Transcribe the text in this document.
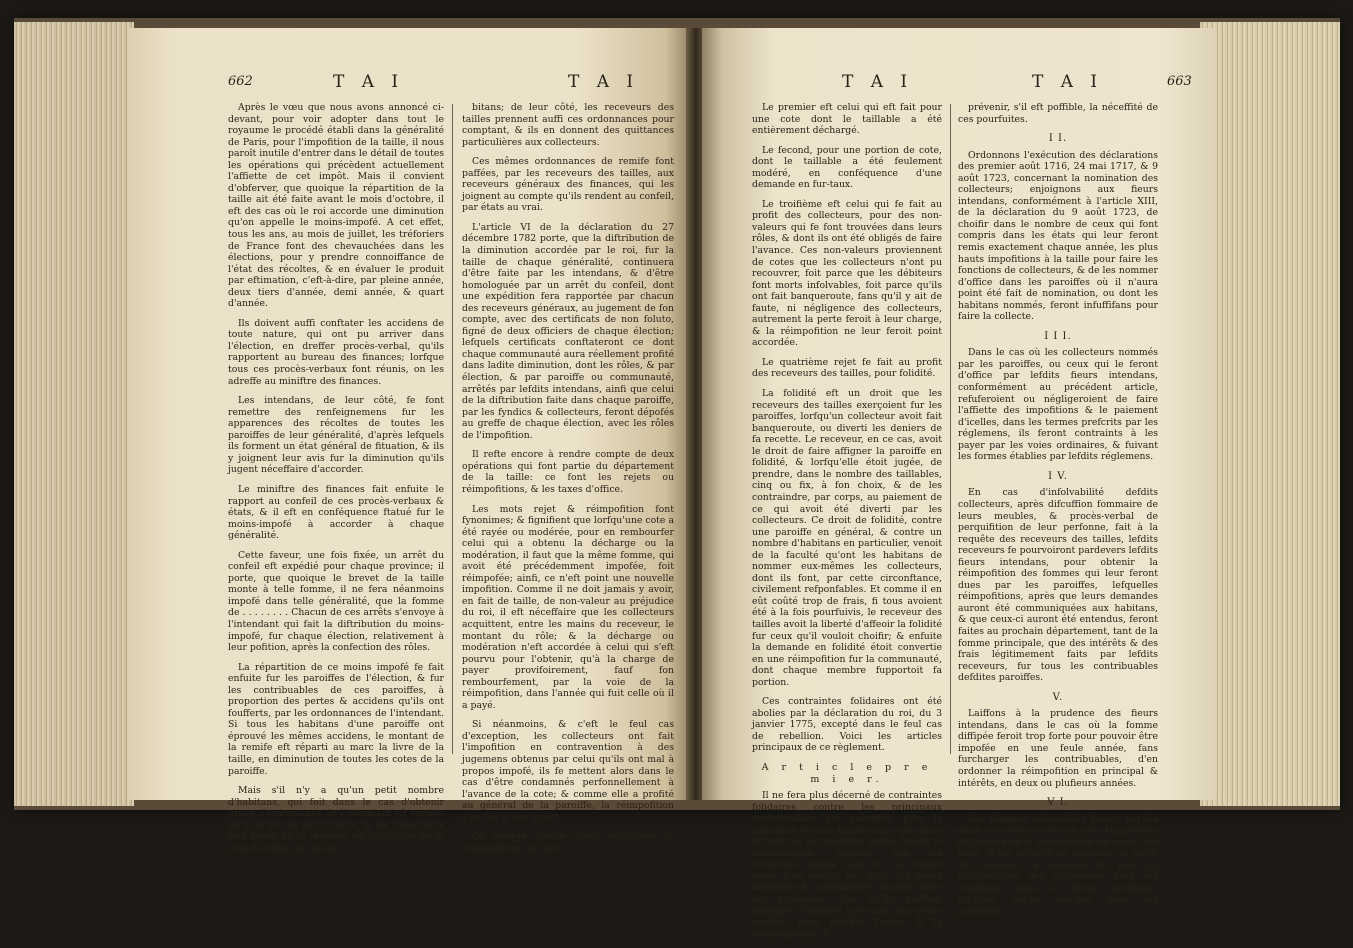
662	T A I	T A I

Après le vœu que nous avons annoncé ci-devant, pour voir adopter dans tout le royaume le procédé établi dans la généralité de Paris, pour l'impofition de la taille, il nous paroît inutile d'entrer dans le détail de toutes les opérations qui précèdent actuellement l'affiette de cet impôt. Mais il convient d'obferver, que quoique la répartition de la taille ait été faite avant le mois d'octobre, il eft des cas où le roi accorde une diminution qu'on appelle le moins-impofé. A cet effet, tous les ans, au mois de juillet, les tréforiers de France font des chevauchées dans les élections, pour y prendre connoiffance de l'état des récoltes, & en évaluer le produit par eftimation, c'eft-à-dire, par pleine année, deux tiers d'année, demi année, & quart d'année.

Ils doivent auffi conftater les accidens de toute nature, qui ont pu arriver dans l'élection, en dreffer procès-verbal, qu'ils rapportent au bureau des finances; lorfque tous ces procès-verbaux font réunis, on les adreffe au miniftre des finances.

Les intendans, de leur côté, fe font remettre des renfeignemens fur les apparences des récoltes de toutes les paroiffes de leur généralité, d'après lefquels ils forment un état général de fituation, & ils y joignent leur avis fur la diminution qu'ils jugent néceffaire d'accorder.

Le miniftre des finances fait enfuite le rapport au confeil de ces procès-verbaux & états, & il eft en conféquence ftatué fur le moins-impofé à accorder à chaque généralité.

Cette faveur, une fois fixée, un arrêt du confeil eft expédié pour chaque province; il porte, que quoique le brevet de la taille monte à telle fomme, il ne fera néanmoins impofé dans telle généralité, que la fomme de . . . . . . . . Chacun de ces arrêts s'envoye à l'intendant qui fait la diftribution du moins-impofé, fur chaque élection, relativement à leur pofition, après la confection des rôles.

La répartition de ce moins impofé fe fait enfuite fur les paroiffes de l'élection, & fur les contribuables de ces paroiffes, à proportion des pertes & accidens qu'ils ont foufferts, par les ordonnances de l'intendant. Si tous les habitans d'une paroiffe ont éprouvé les mêmes accidens, le montant de la remife eft réparti au marc la livre de la taille, en diminution de toutes les cotes de la paroiffe.

Mais s'il n'y a qu'un petit nombre d'habitans, qui foit dans le cas d'obtenir grace, l'ordonnance de l'intendant eft rendue au nom de ces particuliers, & les collecteurs font tenus de la recevoir en déduction de la cote de taille de ces ha-

bitans; de leur côté, les receveurs des tailles prennent auffi ces ordonnances pour comptant, & ils en donnent des quittances particulières aux collecteurs.

Ces mêmes ordonnances de remife font paffées, par les receveurs des tailles, aux receveurs généraux des finances, qui les joignent au compte qu'ils rendent au confeil, par états au vrai.

L'article VI de la déclaration du 27 décembre 1782 porte, que la diftribution de la diminution accordée par le roi, fur la taille de chaque généralité, continuera d'être faite par les intendans, & d'être homologuée par un arrêt du confeil, dont une expédition fera rapportée par chacun des receveurs généraux, au jugement de fon compte, avec des certificats de non foluto, figné de deux officiers de chaque élection; lefquels certificats conftateront ce dont chaque communauté aura réellement profité dans ladite diminution, dont les rôles, & par élection, & par paroiffe ou communauté, arrêtés par lefdits intendans, ainfi que celui de la diftribution faite dans chaque paroiffe, par les fyndics & collecteurs, feront dépofés au greffe de chaque élection, avec les rôles de l'impofition.

Il refte encore à rendre compte de deux opérations qui font partie du département de la taille: ce font les rejets ou réimpofitions, & les taxes d'office.

Les mots rejet & réimpofition font fynonimes; & fignifient que lorfqu'une cote a été rayée ou modérée, pour en rembourfer celui qui a obtenu la décharge ou la modération, il faut que la même fomme, qui avoit été précédemment impofée, foit réimpofée; ainfi, ce n'eft point une nouvelle impofition. Comme il ne doit jamais y avoir, en fait de taille, de non-valeur au préjudice du roi, il eft néceffaire que les collecteurs acquittent, entre les mains du receveur, le montant du rôle; & la décharge ou modération n'eft accordée à celui qui s'eft pourvu pour l'obtenir, qu'à la charge de payer provifoirement, fauf fon rembourfement, par la voie de la réimpofition, dans l'année qui fuit celle où il a payé.

Si néanmoins, & c'eft le feul cas d'exception, les collecteurs ont fait l'impofition en contravention à des jugemens obtenus par celui qu'ils ont mal à propos impofé, ils fe mettent alors dans le cas d'être condamnés perfonnellement à l'avance de la cote; & comme elle a profité au général de la paroiffe, la réimpofition s'en fait à leur profit.

On compte quatre objets ordinaires de réimpofition, ou rejet.

T A I	T A I	663

Le premier eft celui qui eft fait pour une cote dont le taillable a été entièrement déchargé.

Le fecond, pour une portion de cote, dont le taillable a été feulement modéré, en conféquence d'une demande en fur-taux.

Le troifième eft celui qui fe fait au profit des collecteurs, pour des non-valeurs qui fe font trouvées dans leurs rôles, & dont ils ont été obligés de faire l'avance. Ces non-valeurs proviennent de cotes que les collecteurs n'ont pu recouvrer, foit parce que les débiteurs font morts infolvables, foit parce qu'ils ont fait banqueroute, fans qu'il y ait de faute, ni négligence des collecteurs, autrement la perte feroit à leur charge, & la réimpofition ne leur feroit point accordée.

Le quatrième rejet fe fait au profit des receveurs des tailles, pour folidité.

La folidité eft un droit que les receveurs des tailles exerçoient fur les paroiffes, lorfqu'un collecteur avoit fait banqueroute, ou diverti les deniers de fa recette. Le receveur, en ce cas, avoit le droit de faire affigner la paroiffe en folidité, & lorfqu'elle étoit jugée, de prendre, dans le nombre des taillables, cinq ou fix, à fon choix, & de les contraindre, par corps, au paiement de ce qui avoit été diverti par les collecteurs. Ce droit de folidité, contre une paroiffe en général, & contre un nombre d'habitans en particulier, venoit de la faculté qu'ont les habitans de nommer eux-mêmes les collecteurs, dont ils font, par cette circonftance, civilement refponfables. Et comme il en eût coûté trop de frais, fi tous avoient été à la fois pourfuivis, le receveur des tailles avoit la liberté d'affeoir la folidité fur ceux qu'il vouloit choifir; & enfuite la demande en folidité étoit convertie en une réimpofition fur la communauté, dont chaque membre fupportoit fa portion.

Ces contraintes folidaires ont été abolies par la déclaration du roi, du 3 janvier 1775, excepté dans le feul cas de rebellion. Voici les articles principaux de ce règlement.

A r t i c l e p r e m i e r.

Il ne fera plus décerné de contraintes folidaires contre les principaux contribuables des paroiffes, pour le paiement de nos impofitions, que dans le feul cas de rebellion, jugée contre la communauté; voulons que les receveurs, même dans ce cas, foient tenus d'en avertir par écrit, les fieurs intendans & commiffaires départis dans les provinces, afin qu'ils puiffent employer l'autorité que nous leur avons confiée, pour rétablir l'ordre & la fubordination, &

prévenir, s'il eft poffible, la néceffité de ces pourfuites.

I I.

Ordonnons l'exécution des déclarations des premier août 1716, 24 mai 1717, & 9 août 1723, concernant la nomination des collecteurs; enjoignons aux fieurs intendans, conformément à l'article XIII, de la déclaration du 9 août 1723, de choifir dans le nombre de ceux qui font compris dans les états qui leur feront remis exactement chaque année, les plus hauts impofitions à la taille pour faire les fonctions de collecteurs, & de les nommer d'office dans les paroiffes où il n'aura point été fait de nomination, ou dont les habitans nommés, feront infuffifans pour faire la collecte.

I I I.

Dans le cas où les collecteurs nommés par les paroiffes, ou ceux qui le feront d'office par lefdits fieurs intendans, conformément au précédent article, refuferoient ou négligeroient de faire l'affiette des impofitions & le paiement d'icelles, dans les termes prefcrits par les réglemens, ils feront contraints à les payer par les voies ordinaires, & fuivant les formes établies par lefdits réglemens.

I V.

En cas d'infolvabilité defdits collecteurs, après difcuffion fommaire de leurs meubles, & procès-verbal de perquifition de leur perfonne, fait à la requête des receveurs des tailles, lefdits receveurs fe pourvoiront pardevers lefdits fieurs intendans, pour obtenir la réimpofition des fommes qui leur feront dues par les paroiffes, lefquelles réimpofitions, après que leurs demandes auront été communiquées aux habitans, & que ceux-ci auront été entendus, feront faites au prochain département, tant de la fomme principale, que des intérêts & des frais légitimement faits par lefdits receveurs, fur tous les contribuables defdites paroiffes.

V.

Laiffons à la prudence des fieurs intendans, dans le cas où la fomme diffipée feroit trop forte pour pouvoir être impofée en une feule année, fans furcharger les contribuables, d'en ordonner la réimpofition en principal & intérêts, en deux ou plufieurs années.

V I.

Les fommes réimpofées feront payées dans les mêmes termes que l'impofition de l'année où la réimpofition en auroit été faite, & les intérêts en courront au profit du receveur, à compter du jour où l'infolvabilité des collecteurs aura été conftatée dans la forme ordinaire, jufqu'au temps marqué pour les paiemens.
